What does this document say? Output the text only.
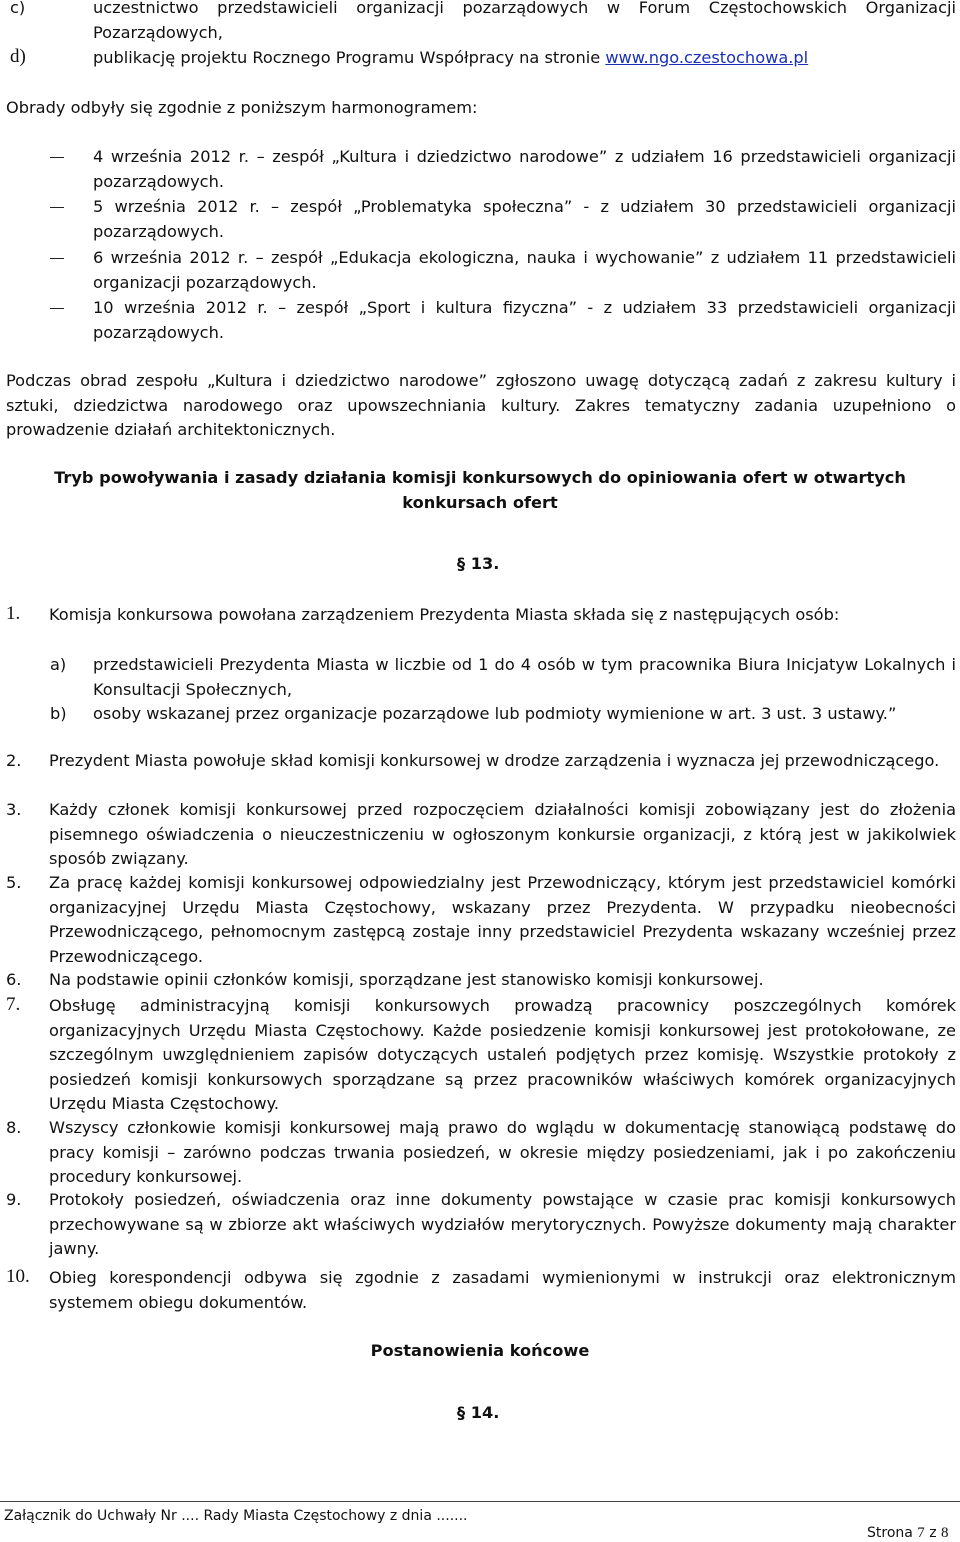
c)	uczestnictwo przedstawicieli organizacji pozarządowych w Forum Częstochowskich Organizacji Pozarządowych,
d)	publikację projektu Rocznego Programu Współpracy na stronie www.ngo.czestochowa.pl
Obrady odbyły się zgodnie z poniższym harmonogramem:
4 września 2012 r. – zespół „Kultura i dziedzictwo narodowe” z udziałem 16 przedstawicieli organizacji pozarządowych.
5 września 2012 r. – zespół „Problematyka społeczna” - z udziałem 30 przedstawicieli organizacji pozarządowych.
6 września 2012 r. – zespół „Edukacja ekologiczna, nauka i wychowanie” z udziałem 11 przedstawicieli organizacji pozarządowych.
10 września 2012 r. – zespół „Sport i kultura fizyczna” - z udziałem 33 przedstawicieli organizacji pozarządowych.
Podczas obrad zespołu „Kultura i dziedzictwo narodowe” zgłoszono uwagę dotyczącą zadań z zakresu kultury i sztuki, dziedzictwa narodowego oraz upowszechniania kultury. Zakres tematyczny zadania uzupełniono o prowadzenie działań architektonicznych.
Tryb powoływania i zasady działania komisji konkursowych do opiniowania ofert w otwartych konkursach ofert
§ 13.
1. Komisja konkursowa powołana zarządzeniem Prezydenta Miasta składa się z następujących osób:
a) przedstawicieli Prezydenta Miasta w liczbie od 1 do 4 osób w tym pracownika Biura Inicjatyw Lokalnych i Konsultacji Społecznych,
b) osoby wskazanej przez organizacje pozarządowe lub podmioty wymienione w art. 3 ust. 3 ustawy.”
2. Prezydent Miasta powołuje skład komisji konkursowej w drodze zarządzenia i wyznacza jej przewodniczącego.
3. Każdy członek komisji konkursowej przed rozpoczęciem działalności komisji zobowiązany jest do złożenia pisemnego oświadczenia o nieuczestniczeniu w ogłoszonym konkursie organizacji, z którą jest w jakikolwiek sposób związany.
5. Za pracę każdej komisji konkursowej odpowiedzialny jest Przewodniczący, którym jest przedstawiciel komórki organizacyjnej Urzędu Miasta Częstochowy, wskazany przez Prezydenta. W przypadku nieobecności Przewodniczącego, pełnomocnym zastępcą zostaje inny przedstawiciel Prezydenta wskazany wcześniej przez Przewodniczącego.
6. Na podstawie opinii członków komisji, sporządzane jest stanowisko komisji konkursowej.
7. Obsługę administracyjną komisji konkursowych prowadzą pracownicy poszczególnych komórek organizacyjnych Urzędu Miasta Częstochowy. Każde posiedzenie komisji konkursowej jest protokołowane, ze szczególnym uwzględnieniem zapisów dotyczących ustaleń podjętych przez komisję. Wszystkie protokoły z posiedzeń komisji konkursowych sporządzane są przez pracowników właściwych komórek organizacyjnych Urzędu Miasta Częstochowy.
8. Wszyscy członkowie komisji konkursowej mają prawo do wglądu w dokumentację stanowiącą podstawę do pracy komisji – zarówno podczas trwania posiedzeń, w okresie między posiedzeniami, jak i po zakończeniu procedury konkursowej.
9. Protokoły posiedzeń, oświadczenia oraz inne dokumenty powstające w czasie prac komisji konkursowych przechowywane są w zbiorze akt właściwych wydziałów merytorycznych. Powyższe dokumenty mają charakter jawny.
10. Obieg korespondencji odbywa się zgodnie z zasadami wymienionymi w instrukcji oraz elektronicznym systemem obiegu dokumentów.
Postanowienia końcowe
§ 14.
Załącznik do Uchwały Nr .... Rady Miasta Częstochowy z dnia .......
Strona 7 z 8
